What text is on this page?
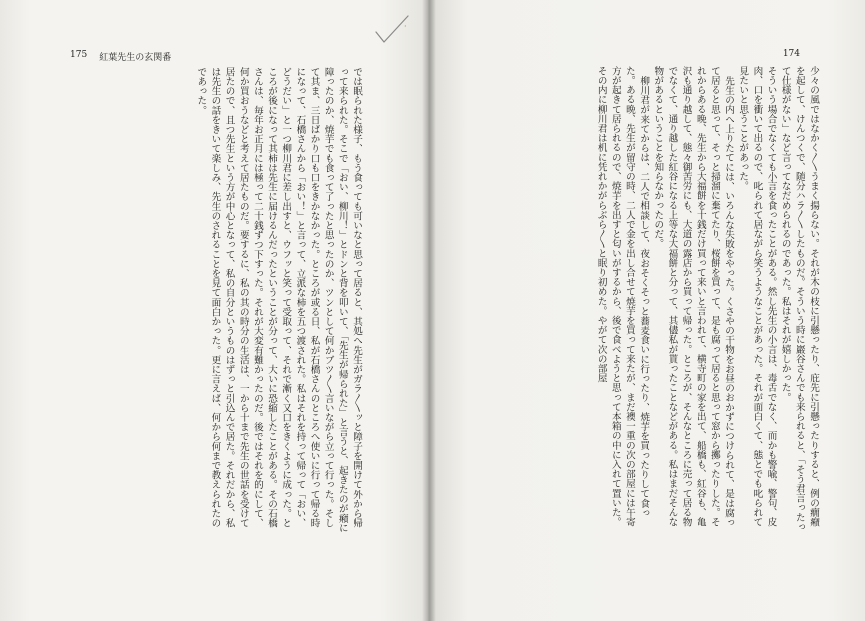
174

少々の風ではなかく〳〵うまく揚らない。それが木の枝に引懸ったり、庇先に引懸ったりすると、例の癇癪を起して、けんつくで、随分ハラ〳〵したものだ。そういう時に巖谷さんでも来られると、「そう君言ったって仕様がない」など言ってなだめられるのであった。私はそれが嬉しかった。

そういう場合でなくても小言を食ったことがある。然し先生の小言は、毒舌でなく、而かも警喩、警句、皮肉、口を衝いて出るので、叱られて居ながら笑うようなことがあった。それが面白くて、態とでも叱られて見たいと思うことがあった。

先生の内へ上りたてには、いろんな失敗をやった。くさやの干物をお昼のおかずにつけられて、是は腐って居ると思って、そっと掃溜に棄てたり、桜餅を買って、是も腐って居ると思って窓から擲ったりした。それからある晩、先生から大福餅を十銭だけ買って来いと言われて、横寺町の家を出て、船橋も、紅谷も、亀沢も通り越して、態々御苦労にも、大道の露店から買って帰った。ところが、そんなところに売って居る物でなくて、通り越した紅谷になる上等な大福餅と分って、其儘私が貰ったことなどがある。私はまだそんな物があるということを知らなかったのだ。

柳川君が来てからは、二人で相談して、夜おそくそっと蕎麦食いに行ったり、焼芋を買ったりして食った。ある晩、先生が留守の時、二人で金を出し合せて焼芋を買って来たが、まだ襖一重の次の部屋には午寄方が起きて居られるので、焼芋を出すと匂いがするから、後で食べようと思って本箱の中に入れて置いた。その内に柳川君は机に凭れかがらぶら〳〵と眠り初めた。やがて次の部屋

175 紅葉先生の玄関番

では眠られた様子、もう食っても可いなと思って居ると、其処へ先生がガラ〳〵ッと障子を開けて外から帰って来られた。そこで「おい、柳川！」とドンと背を叩いて、「先生が帰られた」と言うと、起きたのが癪に障ったのか、焼芋でも食って了ったと思ったのか、ツンとして何かブツ〳〵言いながら立って行った。そして其ま、三日ばかり口も口をきかなかった。ところが或る日、私が石橋さんのところへ使いに行って帰る時になって、石橋さんから「おい！」と言って、立派な柿を五つ渡された。私はそれを持って帰って「おい、どうだい」と一つ柳川君に差し出すと、ウフッと笑って受取って、それで漸く又口をきくように成った。ところが後になって其柿は先生に届けるんだったということが分って、大いに恐縮したことがある。その石橋さんは、毎年お正月には極って二十銭ずつ下すった。それが大変有難かったのだ。後ではそれを的にして、何か買おうなどと考えて居たものだ。要するに、私の其の時分の生活は、一から十まで先生の世話を受けて居たので、且つ先生という方が中心となって、私の自分というものはずっと引込んで居た。それだから、私は先生の話をきいて楽しみ、先生のされることを見て面白かった。更に言えば、何から何まで教えられたのであった。

·
